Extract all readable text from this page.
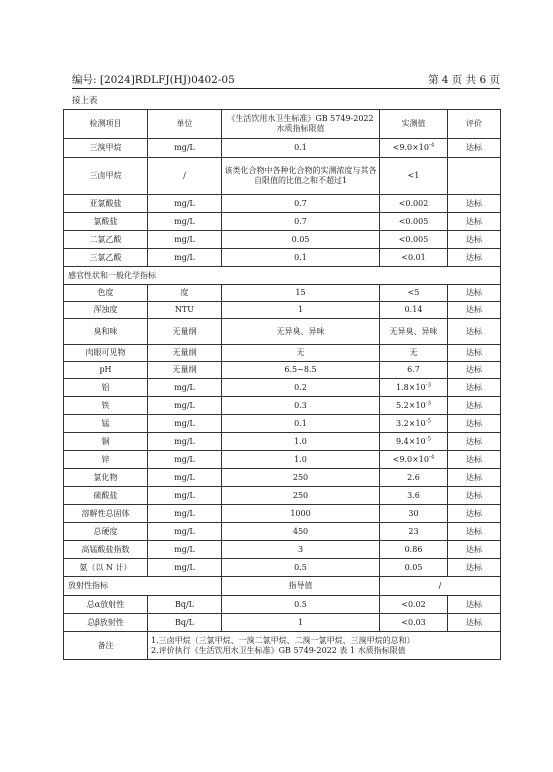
编号: [2024]RDLFJ(HJ)0402-05	第 4 页 共 6 页
接上表
检测项目	单位	《生活饮用水卫生标准》GB 5749-2022 水质指标限值	实测值	评价
三溴甲烷	mg/L	0.1	$<9.0\times 10^{-4}$	达标
三卤甲烷	/	该类化合物中各种化合物的实测浓度与其各自限值的比值之和不超过1	<1	
亚氯酸盐	mg/L	0.7	<0.002	达标
氯酸盐	mg/L	0.7	<0.005	达标
二氯乙酸	mg/L	0.05	<0.005	达标
三氯乙酸	mg/L	0.1	<0.01	达标
感官性状和一般化学指标				
色度	度	15	<5	达标
浑浊度	NTU	1	0.14	达标
臭和味	无量纲	无异臭、异味	无异臭、异味	达标
肉眼可见物	无量纲	无	无	达标
pH	无量纲	6.5~8.5	6.7	达标
铝	mg/L	0.2	$1.8\times 10^{-3}$	达标
铁	mg/L	0.3	$5.2\times 10^{-3}$	达标
锰	mg/L	0.1	$3.2\times 10^{-5}$	达标
铜	mg/L	1.0	$9.4\times 10^{-5}$	达标
锌	mg/L	1.0	$<9.0\times 10^{-4}$	达标
氯化物	mg/L	250	2.6	达标
硫酸盐	mg/L	250	3.6	达标
溶解性总固体	mg/L	1000	30	达标
总硬度	mg/L	450	23	达标
高锰酸盐指数	mg/L	3	0.86	达标
氨（以 N 计）	mg/L	0.5	0.05	达标
放射性指标		指导值	/	
总α放射性	Bq/L	0.5	<0.02	达标
总β放射性	Bq/L	1	<0.03	达标
备注	1.三卤甲烷（三氯甲烷、一溴二氯甲烷、二溴一氯甲烷、三溴甲烷的总和）
2.评价执行《生活饮用水卫生标准》GB 5749-2022 表 1 水质指标限值			
